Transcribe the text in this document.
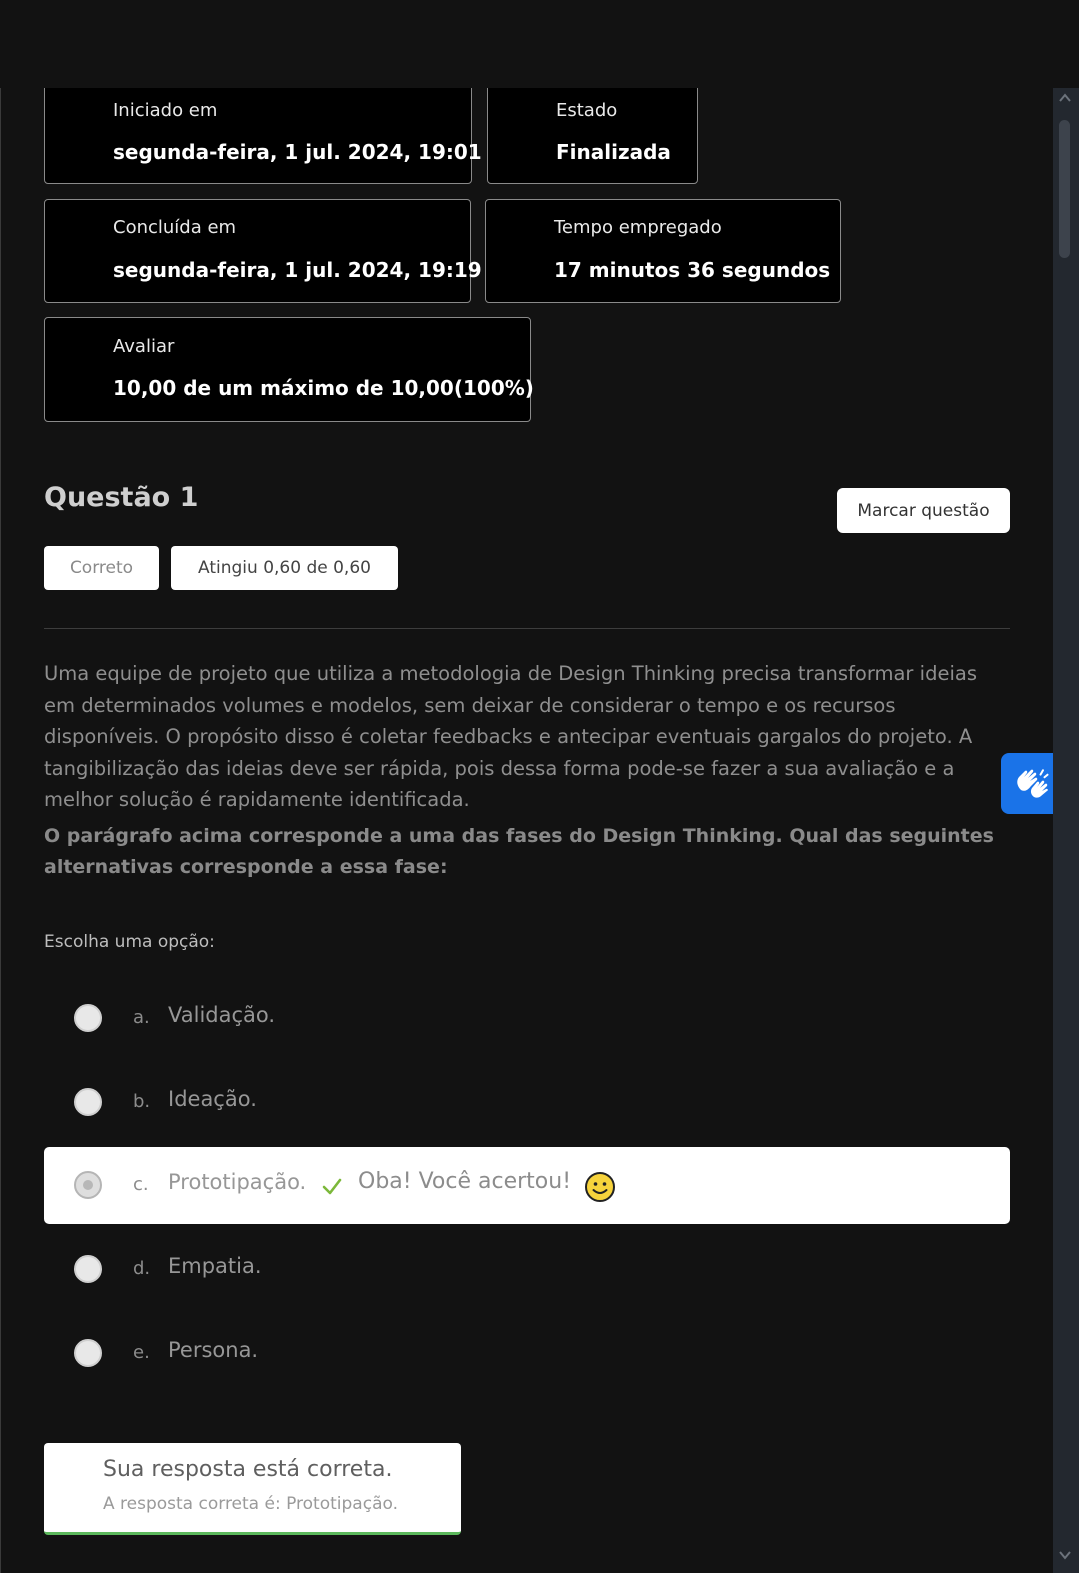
Iniciado em
segunda-feira, 1 jul. 2024, 19:01
Estado
Finalizada
Concluída em
segunda-feira, 1 jul. 2024, 19:19
Tempo empregado
17 minutos 36 segundos
Avaliar
10,00 de um máximo de 10,00(100%)
Questão 1	Marcar questão
Correto	Atingiu 0,60 de 0,60
Uma equipe de projeto que utiliza a metodologia de Design Thinking precisa transformar ideias em determinados volumes e modelos, sem deixar de considerar o tempo e os recursos disponíveis. O propósito disso é coletar feedbacks e antecipar eventuais gargalos do projeto. A tangibilização das ideias deve ser rápida, pois dessa forma pode-se fazer a sua avaliação e a melhor solução é rapidamente identificada.
O parágrafo acima corresponde a uma das fases do Design Thinking. Qual das seguintes alternativas corresponde a essa fase:
Escolha uma opção:
a. Validação.
b. Ideação.
c. Prototipação. Oba! Você acertou!
d. Empatia.
e. Persona.
Sua resposta está correta.
A resposta correta é: Prototipação.
